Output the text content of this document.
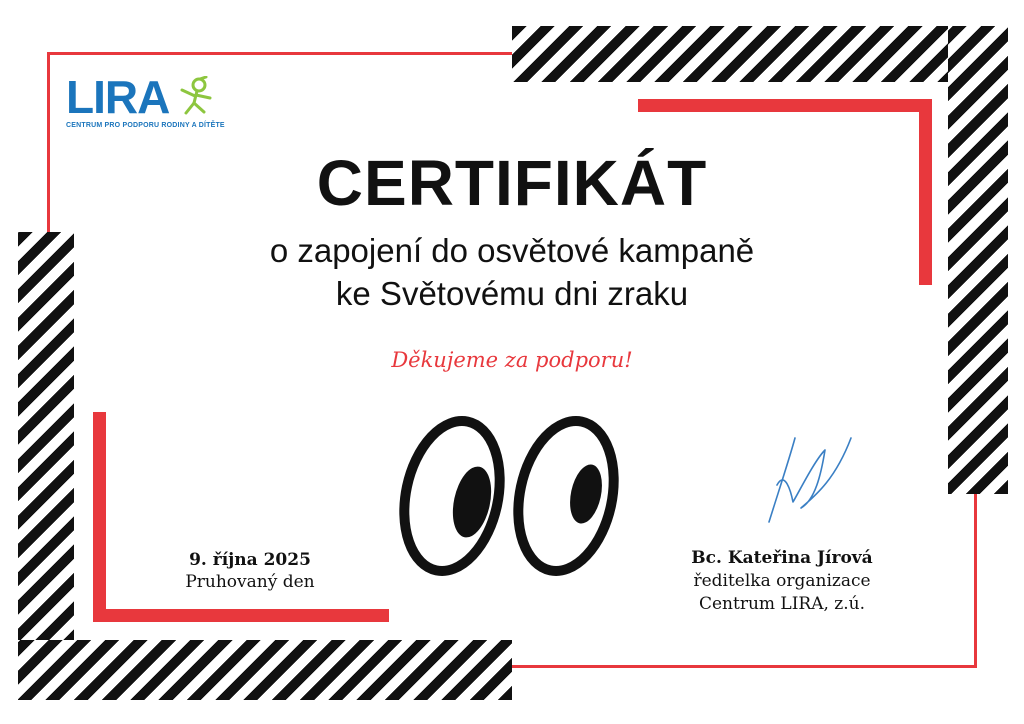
LIRA
CENTRUM PRO PODPORU RODINY A DÍTĚTE
CERTIFIKÁT
o zapojení do osvětové kampaně
ke Světovému dni zraku
Děkujeme za podporu!
9. října 2025
Pruhovaný den
Bc. Kateřina Jírová
ředitelka organizace
Centrum LIRA, z.ú.
